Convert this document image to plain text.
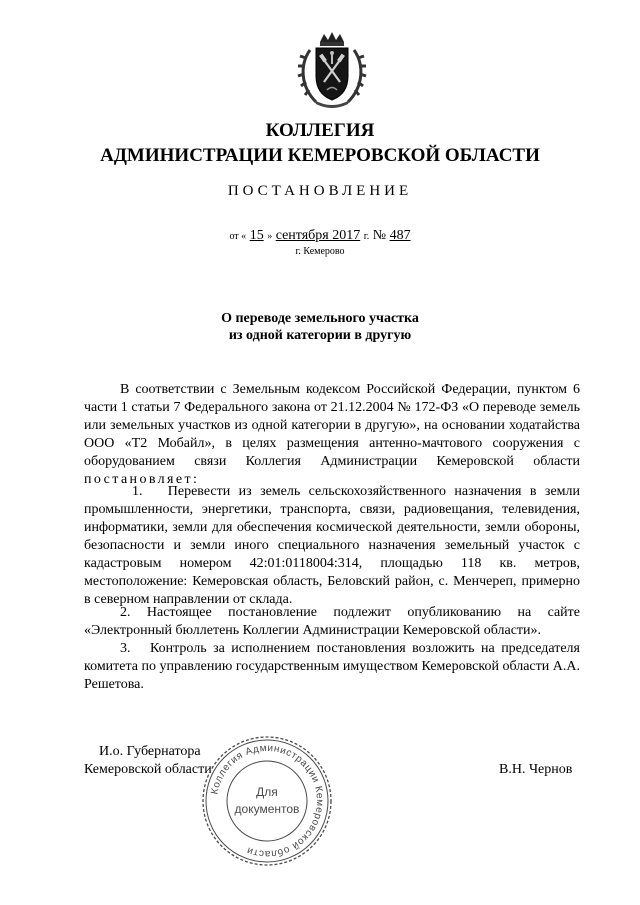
КОЛЛЕГИЯ
АДМИНИСТРАЦИИ КЕМЕРОВСКОЙ ОБЛАСТИ
ПОСТАНОВЛЕНИЕ
от « 15 » сентября 2017 г. № 487
г. Кемерово
О переводе земельного участка
из одной категории в другую
В соответствии с Земельным кодексом Российской Федерации, пунктом 6 части 1 статьи 7 Федерального закона от 21.12.2004 № 172-ФЗ «О переводе земель или земельных участков из одной категории в другую», на основании ходатайства ООО «Т2 Мобайл», в целях размещения антенно-мачтового сооружения с оборудованием связи Коллегия Администрации Кемеровской области постановляет:
1.   Перевести из земель сельскохозяйственного назначения в земли промышленности, энергетики, транспорта, связи, радиовещания, телевидения, информатики, земли для обеспечения космической деятельности, земли обороны, безопасности и земли иного специального назначения земельный участок с кадастровым номером 42:01:0118004:314, площадью 118 кв. метров, местоположение: Кемеровская область, Беловский район, с. Менчереп, примерно в северном направлении от склада.
2. Настоящее постановление подлежит опубликованию на сайте «Электронный бюллетень Коллегии Администрации Кемеровской области».
3.   Контроль за исполнением постановления возложить на председателя комитета по управлению государственным имуществом Кемеровской области А.А. Решетова.
И.о. Губернатора
Кемеровской области	В.Н. Чернов
Коллегия Администрации Кемеровской области
Для
документов
